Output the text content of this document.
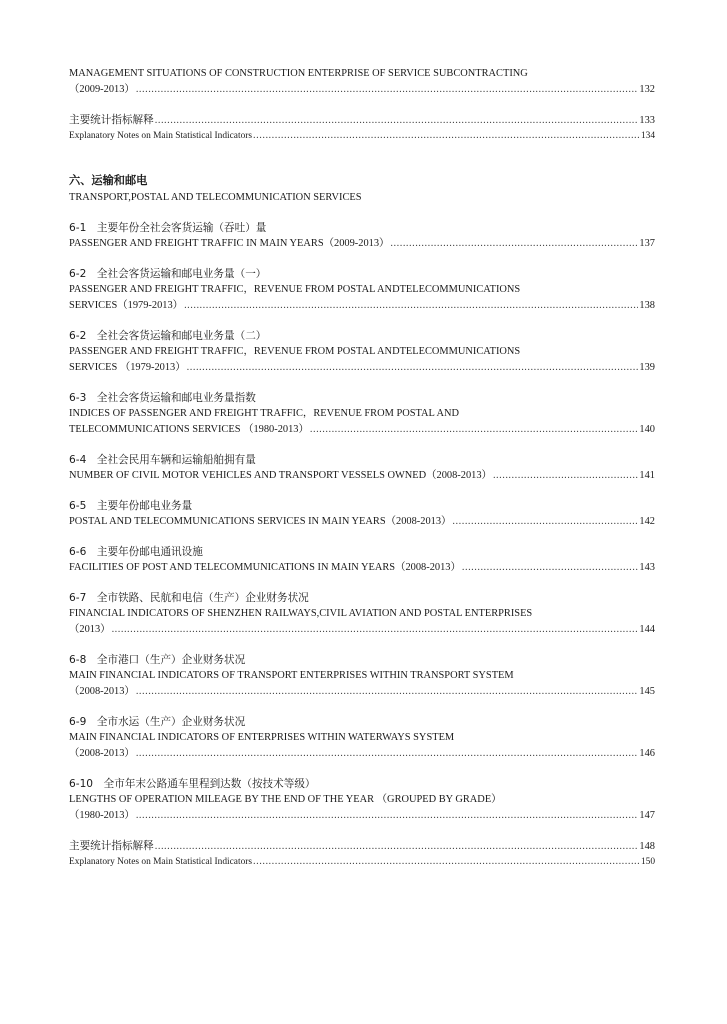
MANAGEMENT SITUATIONS OF CONSTRUCTION ENTERPRISE OF SERVICE SUBCONTRACTING
（2009-2013） .....	132
主要统计指标解释 .....	133
Explanatory Notes on Main Statistical Indicators .....	134
六、运输和邮电
TRANSPORT,POSTAL AND TELECOMMUNICATION SERVICES
6-1　主要年份全社会客货运输（吞吐）量
PASSENGER AND FREIGHT TRAFFIC IN MAIN YEARS（2009-2013） .....	137
6-2　全社会客货运输和邮电业务量（一）
PASSENGER AND FREIGHT TRAFFIC，REVENUE FROM POSTAL ANDTELECOMMUNICATIONS
SERVICES（1979-2013） .....	138
6-2　全社会客货运输和邮电业务量（二）
PASSENGER AND FREIGHT TRAFFIC，REVENUE FROM POSTAL ANDTELECOMMUNICATIONS
SERVICES （1979-2013） .....	139
6-3　全社会客货运输和邮电业务量指数
INDICES OF PASSENGER AND FREIGHT TRAFFIC，REVENUE FROM POSTAL AND
TELECOMMUNICATIONS SERVICES （1980-2013） .....	140
6-4　全社会民用车辆和运输船舶拥有量
NUMBER OF CIVIL MOTOR VEHICLES AND TRANSPORT VESSELS OWNED（2008-2013） .....	141
6-5　主要年份邮电业务量
POSTAL AND TELECOMMUNICATIONS SERVICES IN MAIN YEARS（2008-2013） .....	142
6-6　主要年份邮电通讯设施
FACILITIES OF POST AND TELECOMMUNICATIONS IN MAIN YEARS（2008-2013） .....	143
6-7　全市铁路、民航和电信（生产）企业财务状况
FINANCIAL INDICATORS OF SHENZHEN RAILWAYS,CIVIL AVIATION AND POSTAL ENTERPRISES
（2013） .....	144
6-8　全市港口（生产）企业财务状况
MAIN FINANCIAL INDICATORS OF TRANSPORT ENTERPRISES WITHIN TRANSPORT SYSTEM
（2008-2013） .....	145
6-9　全市水运（生产）企业财务状况
MAIN FINANCIAL INDICATORS OF ENTERPRISES WITHIN WATERWAYS SYSTEM
（2008-2013） .....	146
6-10　全市年末公路通车里程到达数（按技术等级）
LENGTHS OF OPERATION MILEAGE BY THE END OF THE YEAR （GROUPED BY GRADE）
（1980-2013） .....	147
主要统计指标解释 .....	148
Explanatory Notes on Main Statistical Indicators .....	150
